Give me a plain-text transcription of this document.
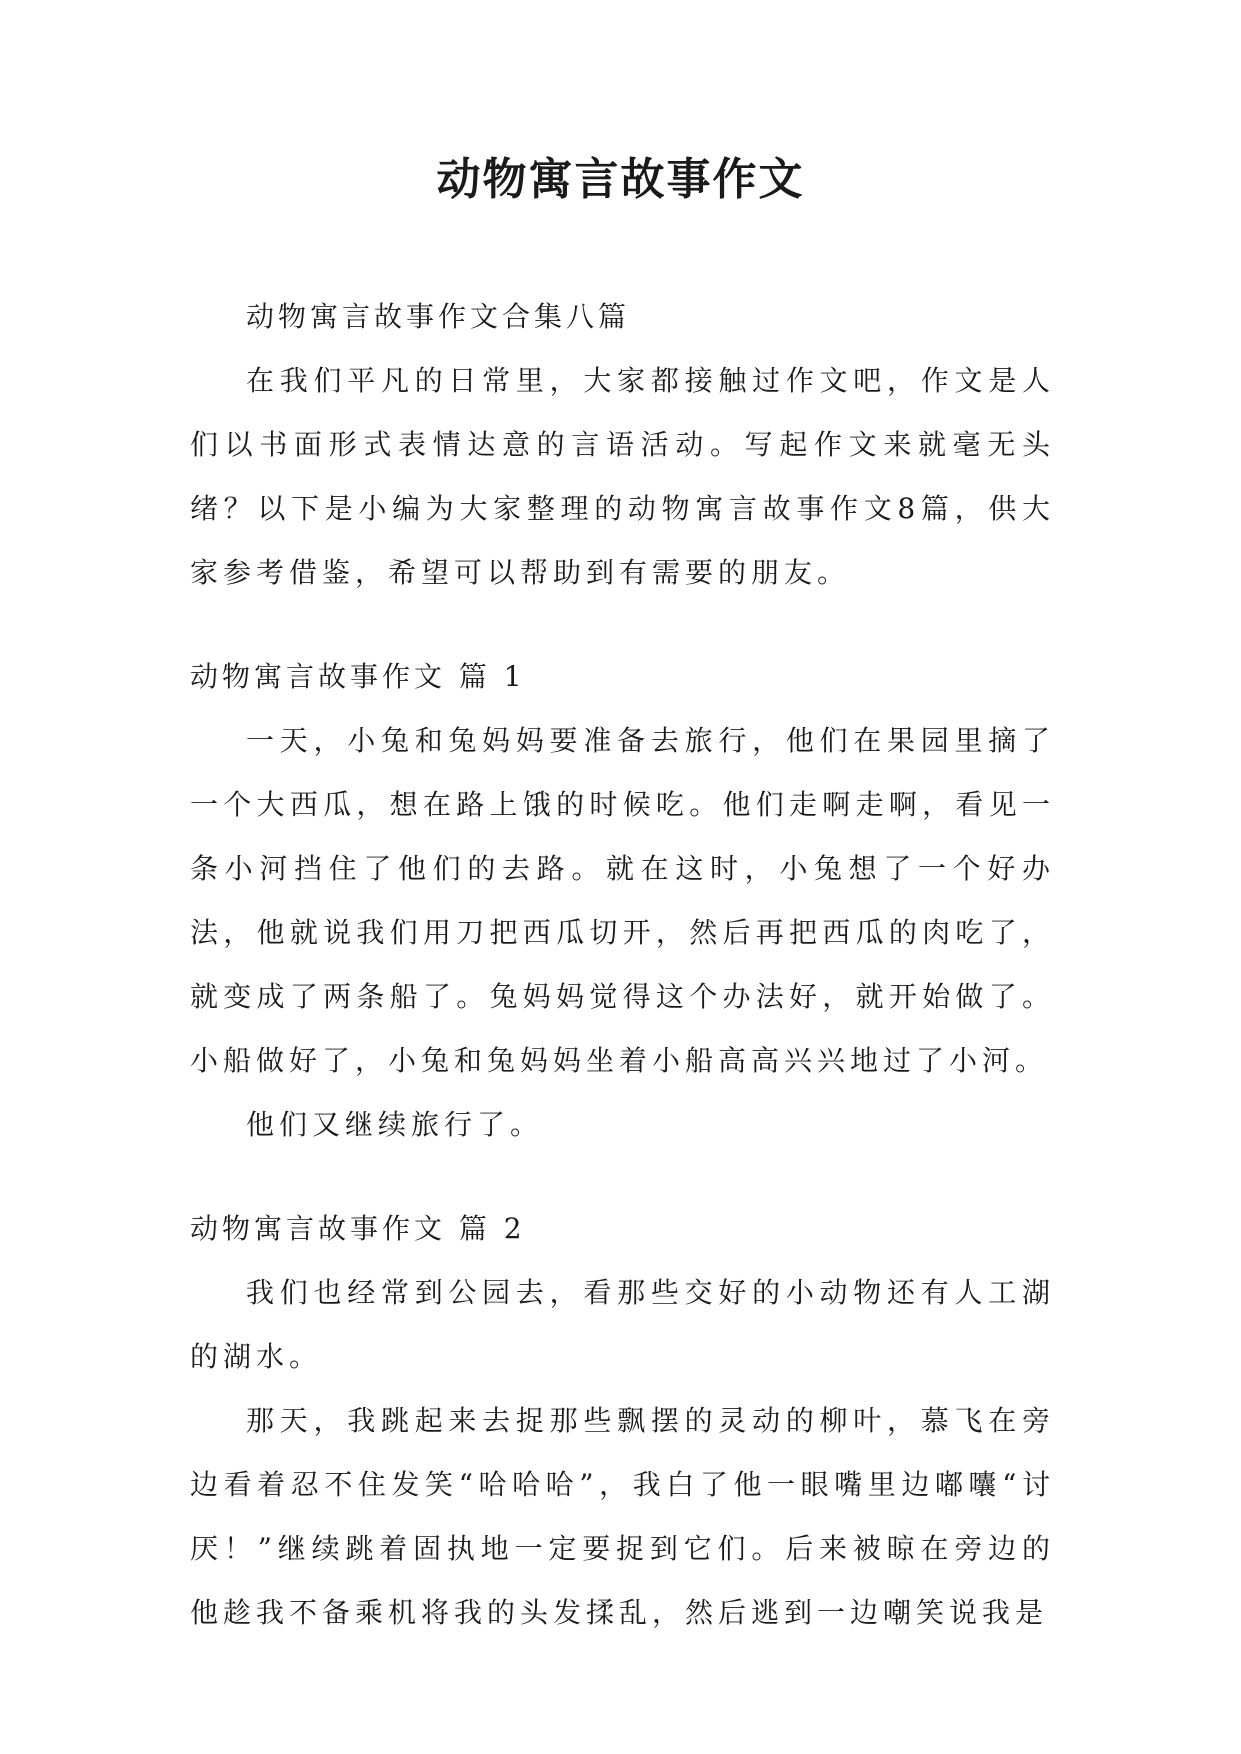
动物寓言故事作文

动物寓言故事作文合集八篇

在我们平凡的日常里，大家都接触过作文吧，作文是人们以书面形式表情达意的言语活动。写起作文来就毫无头绪？以下是小编为大家整理的动物寓言故事作文8篇，供大家参考借鉴，希望可以帮助到有需要的朋友。

动物寓言故事作文 篇 1

一天，小兔和兔妈妈要准备去旅行，他们在果园里摘了一个大西瓜，想在路上饿的时候吃。他们走啊走啊，看见一条小河挡住了他们的去路。就在这时，小兔想了一个好办法，他就说我们用刀把西瓜切开，然后再把西瓜的肉吃了，就变成了两条船了。兔妈妈觉得这个办法好，就开始做了。小船做好了，小兔和兔妈妈坐着小船高高兴兴地过了小河。

他们又继续旅行了。

动物寓言故事作文 篇 2

我们也经常到公园去，看那些交好的小动物还有人工湖的湖水。

那天，我跳起来去捉那些飘摆的灵动的柳叶，慕飞在旁边看着忍不住发笑“哈哈哈”，我白了他一眼嘴里边嘟囔“讨厌！”继续跳着固执地一定要捉到它们。后来被晾在旁边的他趁我不备乘机将我的头发揉乱，然后逃到一边嘲笑说我是
